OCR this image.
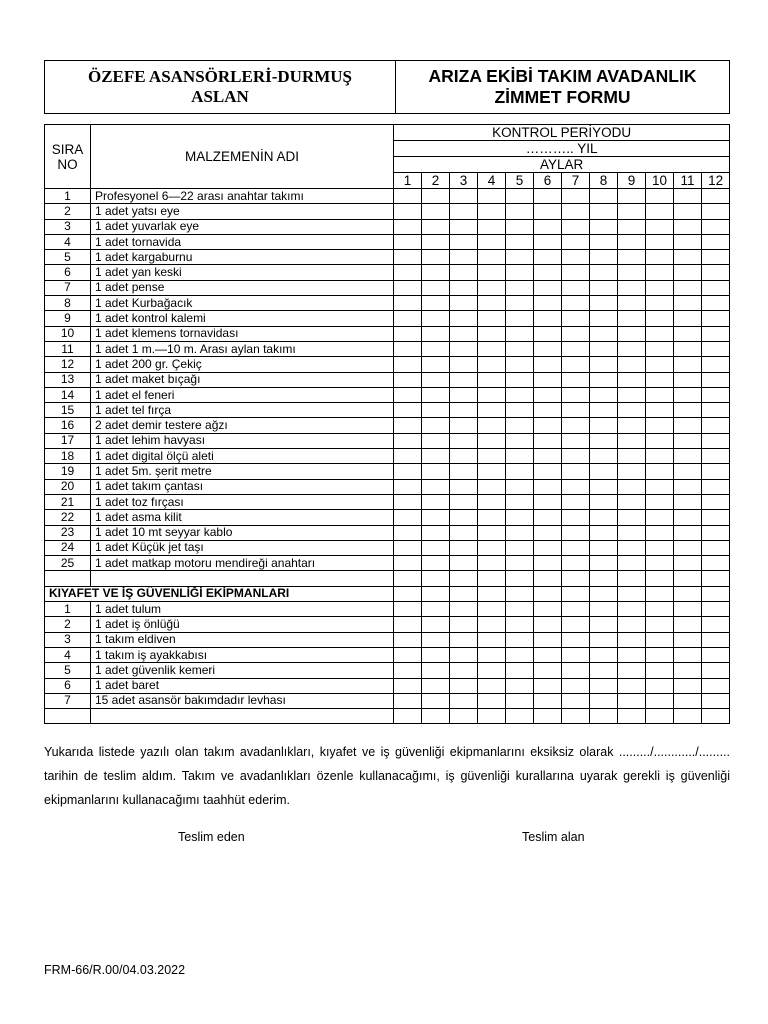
ÖZEFE ASANSÖRLERİ-DURMUŞ
ASLAN
ARIZA EKİBİ TAKIM AVADANLIK
ZİMMET FORMU
SIRA
NO	MALZEMENİN ADI	KONTROL PERİYODU											
		……….. YIL											
		AYLAR											
		1	2	3	4	5	6	7	8	9	10	11	12
1	Profesyonel 6—22 arası anahtar takımı												
2	1 adet yatsı eye												
3	1 adet yuvarlak eye												
4	1 adet tornavida												
5	1 adet kargaburnu												
6	1 adet yan keski												
7	1 adet pense												
8	1 adet Kurbağacık												
9	1 adet kontrol kalemi												
10	1 adet klemens tornavidası												
11	1 adet 1 m.—10 m. Arası aylan takımı												
12	1 adet 200 gr. Çekiç												
13	1 adet maket bıçağı												
14	1 adet el feneri												
15	1 adet tel fırça												
16	2 adet demir testere ağzı												
17	1 adet lehim havyası												
18	1 adet digital ölçü aleti												
19	1 adet 5m. şerit metre												
20	1 adet takım çantası												
21	1 adet toz fırçası												
22	1 adet asma kilit												
23	1 adet 10 mt seyyar kablo												
24	1 adet Küçük jet taşı												
25	1 adet matkap motoru mendireği anahtarı												

KIYAFET VE İŞ GÜVENLİĞİ EKİPMANLARI													
1	1 adet tulum												
2	1 adet iş önlüğü												
3	1 takım eldiven												
4	1 takım iş ayakkabısı												
5	1 adet güvenlik kemeri												
6	1 adet baret												
7	15 adet asansör bakımdadır levhası												

Yukarıda listede yazılı olan takım avadanlıkları, kıyafet ve iş güvenliği ekipmanlarını eksiksiz olarak ........./............/......... tarihin de teslim aldım. Takım ve avadanlıkları özenle kullanacağımı, iş güvenliği kurallarına uyarak gerekli iş güvenliği ekipmanlarını kullanacağımı taahhüt ederim.
Teslim eden	Teslim alan
FRM-66/R.00/04.03.2022
